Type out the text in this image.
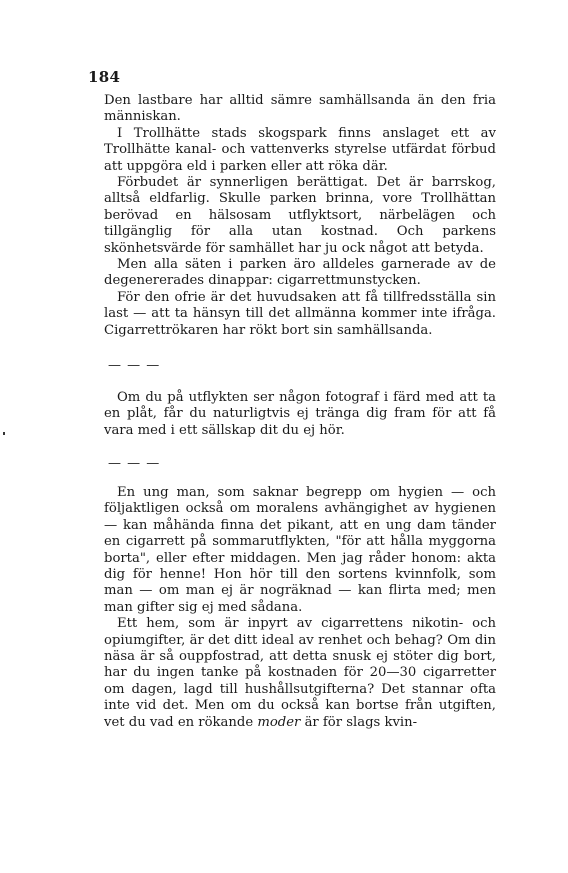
184

Den lastbare har alltid sämre samhällsanda än den fria människan.

I Trollhätte stads skogspark finns anslaget ett av Trollhätte kanal- och vattenverks styrelse utfärdat förbud att uppgöra eld i parken eller att röka där.

Förbudet är synnerligen berättigat. Det är barrskog, alltså eldfarlig. Skulle parken brinna, vore Trollhättan berövad en hälsosam utflyktsort, närbelägen och tillgänglig för alla utan kostnad. Och parkens skönhetsvärde för samhället har ju ock något att betyda.

Men alla säten i parken äro alldeles garnerade av de degenererades dinappar: cigarrettmunstycken.

För den ofrie är det huvudsaken att få tillfredsställa sin last — att ta hänsyn till det allmänna kommer inte ifråga. Cigarrettrökaren har rökt bort sin samhällsanda.

— — —

Om du på utflykten ser någon fotograf i färd med att ta en plåt, får du naturligtvis ej tränga dig fram för att få vara med i ett sällskap dit du ej hör.

— — —

En ung man, som saknar begrepp om hygien — och följaktligen också om moralens avhängighet av hygienen — kan måhända finna det pikant, att en ung dam tänder en cigarrett på sommarutflykten, "för att hålla myggorna borta", eller efter middagen. Men jag råder honom: akta dig för henne! Hon hör till den sortens kvinnfolk, som man — om man ej är nogräknad — kan flirta med; men man gifter sig ej med sådana.

Ett hem, som är inpyrt av cigarrettens nikotin- och opiumgifter, är det ditt ideal av renhet och behag? Om din näsa är så ouppfostrad, att detta snusk ej stöter dig bort, har du ingen tanke på kostnaden för 20—30 cigarretter om dagen, lagd till hushållsutgifterna? Det stannar ofta inte vid det. Men om du också kan bortse från utgiften, vet du vad en rökande moder är för slags kvin-
